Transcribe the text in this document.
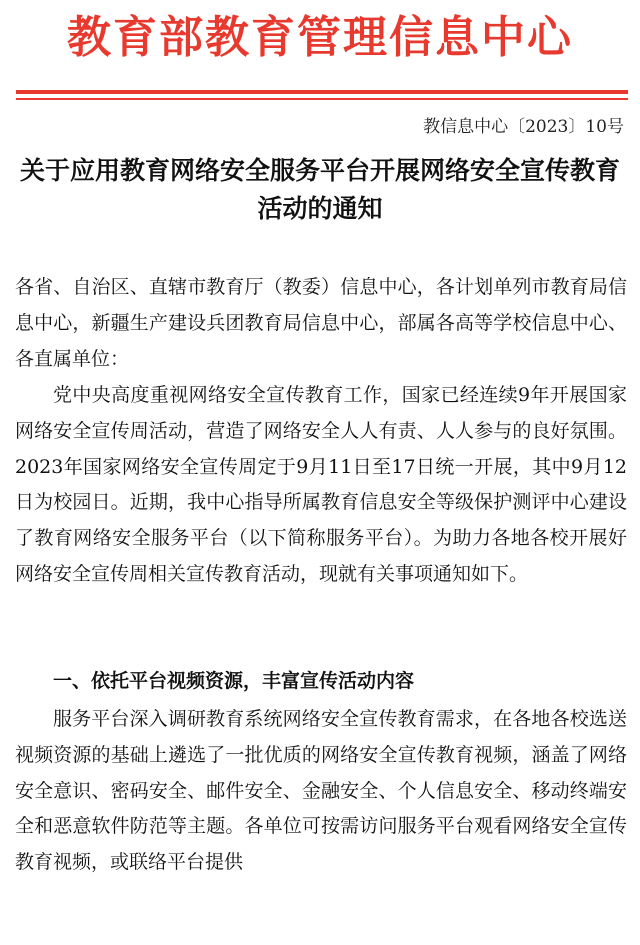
教育部教育管理信息中心
教信息中心〔2023〕10号
关于应用教育网络安全服务平台开展网络安全宣传教育活动的通知
各省、自治区、直辖市教育厅（教委）信息中心，各计划单列市教育局信息中心，新疆生产建设兵团教育局信息中心，部属各高等学校信息中心、各直属单位：
党中央高度重视网络安全宣传教育工作，国家已经连续9年开展国家网络安全宣传周活动，营造了网络安全人人有责、人人参与的良好氛围。2023年国家网络安全宣传周定于9月11日至17日统一开展，其中9月12日为校园日。近期，我中心指导所属教育信息安全等级保护测评中心建设了教育网络安全服务平台（以下简称服务平台）。为助力各地各校开展好网络安全宣传周相关宣传教育活动，现就有关事项通知如下。
一、依托平台视频资源，丰富宣传活动内容
服务平台深入调研教育系统网络安全宣传教育需求，在各地各校选送视频资源的基础上遴选了一批优质的网络安全宣传教育视频，涵盖了网络安全意识、密码安全、邮件安全、金融安全、个人信息安全、移动终端安全和恶意软件防范等主题。各单位可按需访问服务平台观看网络安全宣传教育视频，或联络平台提供
